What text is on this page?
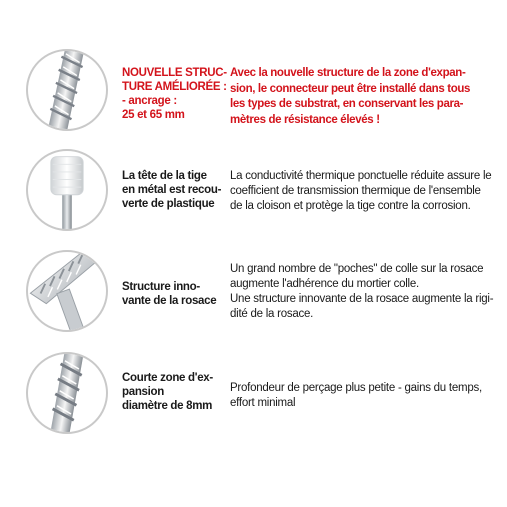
NOUVELLE STRUC-
TURE AMÉLIORÉE :
- ancrage :
25 et 65 mm
Avec la nouvelle structure de la zone d'expan-
sion, le connecteur peut être installé dans tous
les types de substrat, en conservant les para-
mètres de résistance élevés !
La tête de la tige
en métal est recou-
verte de plastique
La conductivité thermique ponctuelle réduite assure le
coefficient de transmission thermique de l'ensemble
de la cloison et protège la tige contre la corrosion.
Structure inno-
vante de la rosace
Un grand nombre de "poches" de colle sur la rosace
augmente l'adhérence du mortier colle.
Une structure innovante de la rosace augmente la rigi-
dité de la rosace.
Courte zone d'ex-
pansion
diamètre de 8mm
Profondeur de perçage plus petite - gains du temps,
effort minimal
